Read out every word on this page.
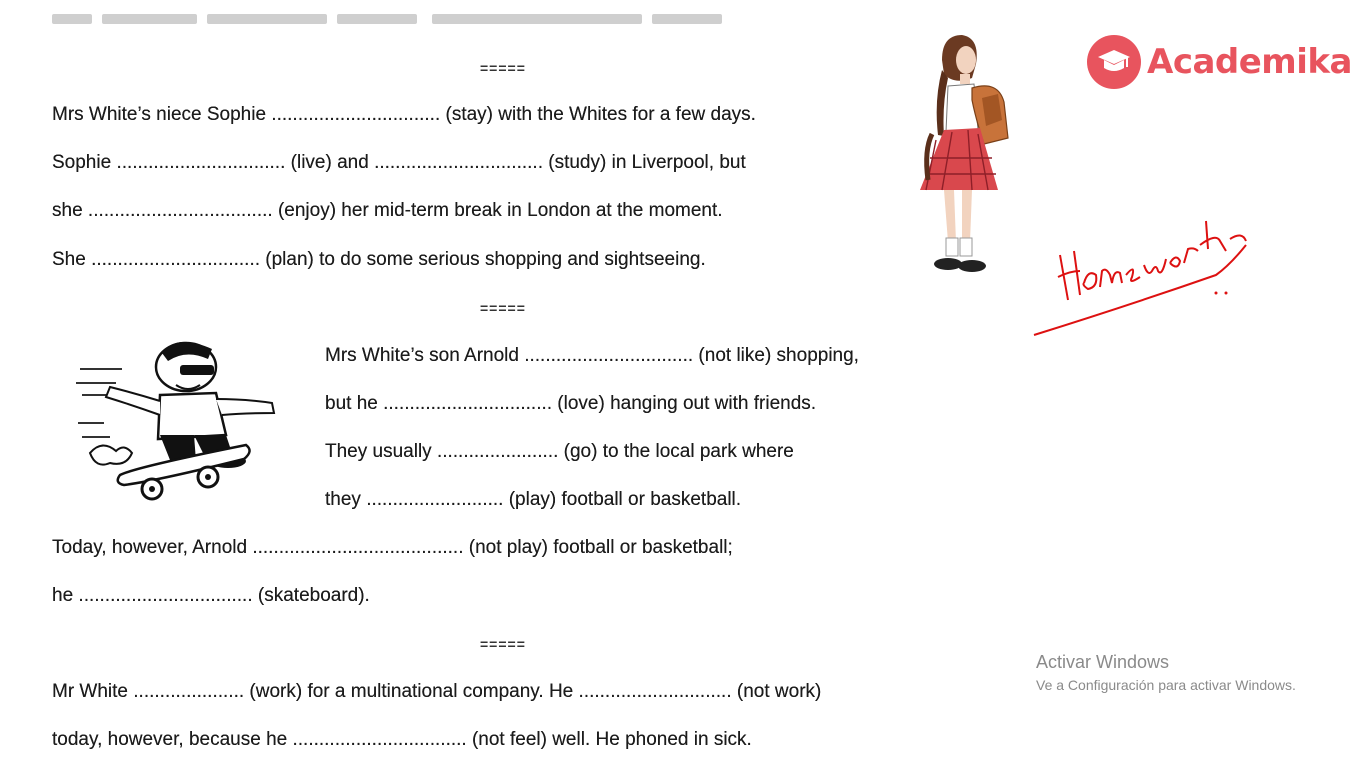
=====
Mrs White’s niece Sophie ................................ (stay) with the Whites for a few days.
Sophie ................................ (live) and ................................ (study) in Liverpool, but
she ................................... (enjoy) her mid-term break in London at the moment.
She ................................ (plan) to do some serious shopping and sightseeing.
=====
Mrs White’s son Arnold ................................ (not like) shopping,
but he ................................ (love) hanging out with friends.
They usually ....................... (go) to the local park where
they .......................... (play) football or basketball.
Today, however, Arnold ........................................ (not play) football or basketball;
he ................................. (skateboard).
=====
Mr White ..................... (work) for a multinational company. He ............................. (not work)
today, however, because he ................................. (not feel) well. He phoned in sick.
Academika
Activar Windows
Ve a Configuración para activar Windows.
